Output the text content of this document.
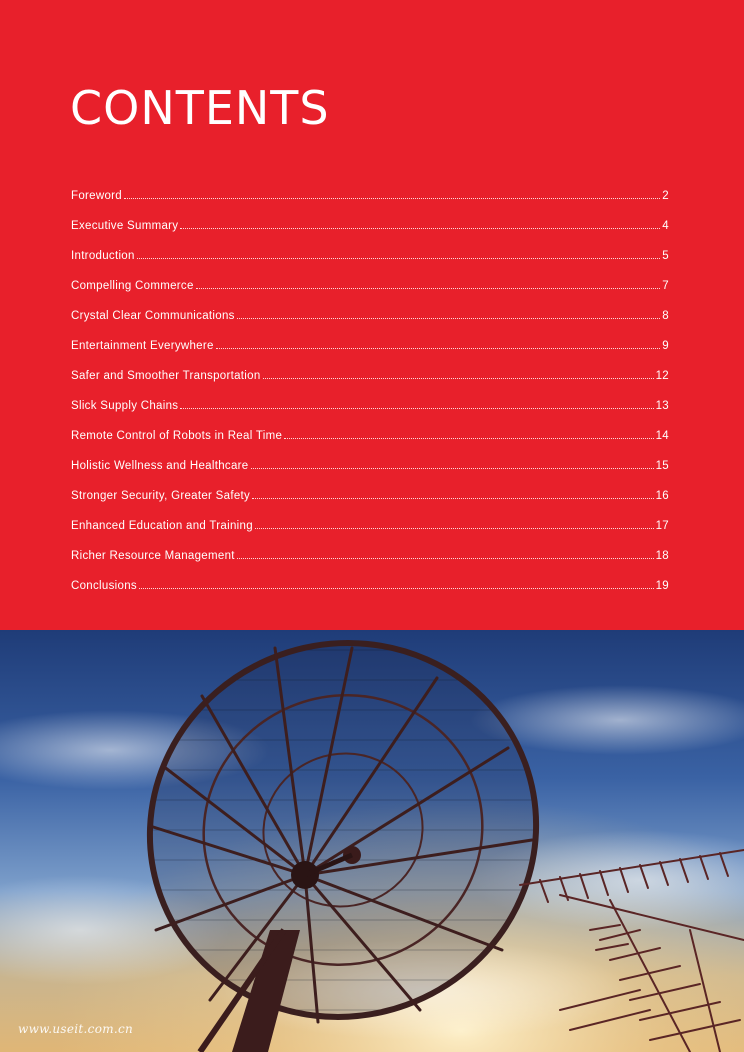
CONTENTS
Foreword	2
Executive Summary	4
Introduction	5
Compelling Commerce	7
Crystal Clear Communications	8
Entertainment Everywhere	9
Safer and Smoother Transportation	12
Slick Supply Chains	13
Remote Control of Robots in Real Time	14
Holistic Wellness and Healthcare	15
Stronger Security, Greater Safety	16
Enhanced Education and Training	17
Richer Resource Management	18
Conclusions	19
www.useit.com.cn
